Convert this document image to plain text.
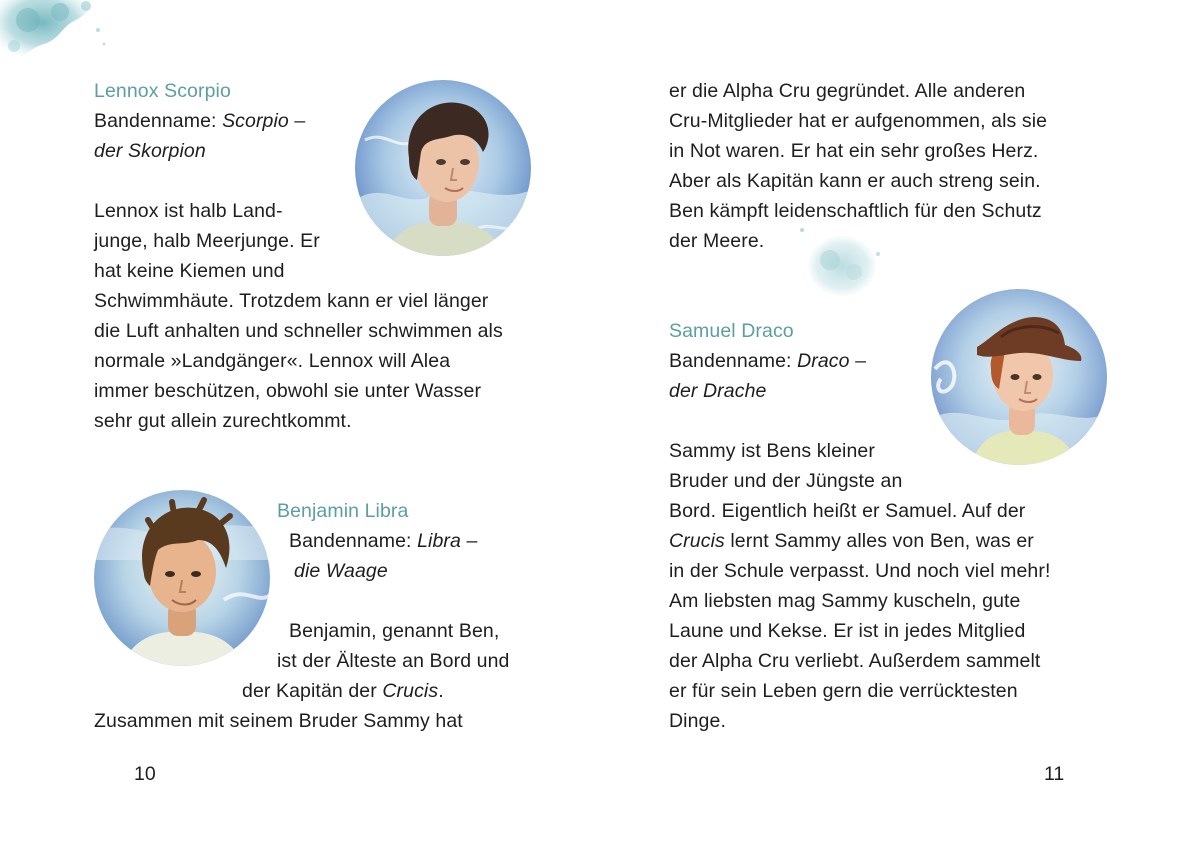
Lennox Scorpio
Bandenname: Scorpio –
der Skorpion
Lennox ist halb Land-
junge, halb Meerjunge. Er
hat keine Kiemen und
Schwimmhäute. Trotzdem kann er viel länger
die Luft anhalten und schneller schwimmen als
normale »Landgänger«. Lennox will Alea
immer beschützen, obwohl sie unter Wasser
sehr gut allein zurechtkommt.
Benjamin Libra
Bandenname: Libra –
die Waage
Benjamin, genannt Ben,
ist der Älteste an Bord und
der Kapitän der Crucis.
Zusammen mit seinem Bruder Sammy hat
10
er die Alpha Cru gegründet. Alle anderen
Cru-Mitglieder hat er aufgenommen, als sie
in Not waren. Er hat ein sehr großes Herz.
Aber als Kapitän kann er auch streng sein.
Ben kämpft leidenschaftlich für den Schutz
der Meere.
Samuel Draco
Bandenname: Draco –
der Drache
Sammy ist Bens kleiner
Bruder und der Jüngste an
Bord. Eigentlich heißt er Samuel. Auf der
Crucis lernt Sammy alles von Ben, was er
in der Schule verpasst. Und noch viel mehr!
Am liebsten mag Sammy kuscheln, gute
Laune und Kekse. Er ist in jedes Mitglied
der Alpha Cru verliebt. Außerdem sammelt
er für sein Leben gern die verrücktesten
Dinge.
11
